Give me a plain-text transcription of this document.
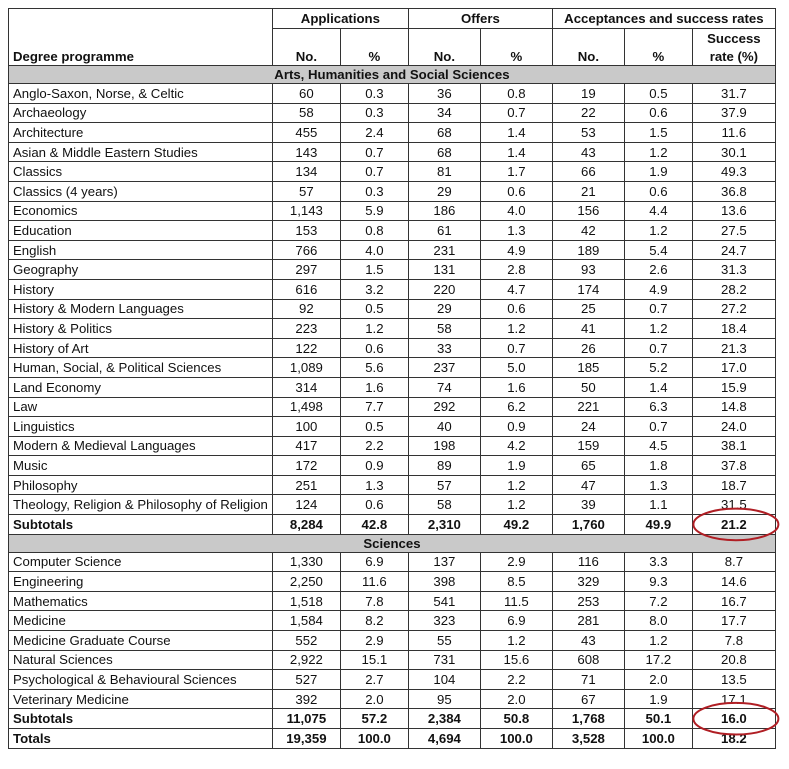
	Applications		Offers		Acceptances and success rates		
							Success
Degree programme	No.	%	No.	%	No.	%	rate (%)
Arts, Humanities and Social Sciences							
Anglo-Saxon, Norse, & Celtic	60	0.3	36	0.8	19	0.5	31.7
Archaeology	58	0.3	34	0.7	22	0.6	37.9
Architecture	455	2.4	68	1.4	53	1.5	11.6
Asian & Middle Eastern Studies	143	0.7	68	1.4	43	1.2	30.1
Classics	134	0.7	81	1.7	66	1.9	49.3
Classics (4 years)	57	0.3	29	0.6	21	0.6	36.8
Economics	1,143	5.9	186	4.0	156	4.4	13.6
Education	153	0.8	61	1.3	42	1.2	27.5
English	766	4.0	231	4.9	189	5.4	24.7
Geography	297	1.5	131	2.8	93	2.6	31.3
History	616	3.2	220	4.7	174	4.9	28.2
History & Modern Languages	92	0.5	29	0.6	25	0.7	27.2
History & Politics	223	1.2	58	1.2	41	1.2	18.4
History of Art	122	0.6	33	0.7	26	0.7	21.3
Human, Social, & Political Sciences	1,089	5.6	237	5.0	185	5.2	17.0
Land Economy	314	1.6	74	1.6	50	1.4	15.9
Law	1,498	7.7	292	6.2	221	6.3	14.8
Linguistics	100	0.5	40	0.9	24	0.7	24.0
Modern & Medieval Languages	417	2.2	198	4.2	159	4.5	38.1
Music	172	0.9	89	1.9	65	1.8	37.8
Philosophy	251	1.3	57	1.2	47	1.3	18.7
Theology, Religion & Philosophy of Religion	124	0.6	58	1.2	39	1.1	31.5
Subtotals	8,284	42.8	2,310	49.2	1,760	49.9	21.2
Sciences							
Computer Science	1,330	6.9	137	2.9	116	3.3	8.7
Engineering	2,250	11.6	398	8.5	329	9.3	14.6
Mathematics	1,518	7.8	541	11.5	253	7.2	16.7
Medicine	1,584	8.2	323	6.9	281	8.0	17.7
Medicine Graduate Course	552	2.9	55	1.2	43	1.2	7.8
Natural Sciences	2,922	15.1	731	15.6	608	17.2	20.8
Psychological & Behavioural Sciences	527	2.7	104	2.2	71	2.0	13.5
Veterinary Medicine	392	2.0	95	2.0	67	1.9	17.1
Subtotals	11,075	57.2	2,384	50.8	1,768	50.1	16.0
Totals	19,359	100.0	4,694	100.0	3,528	100.0	18.2
